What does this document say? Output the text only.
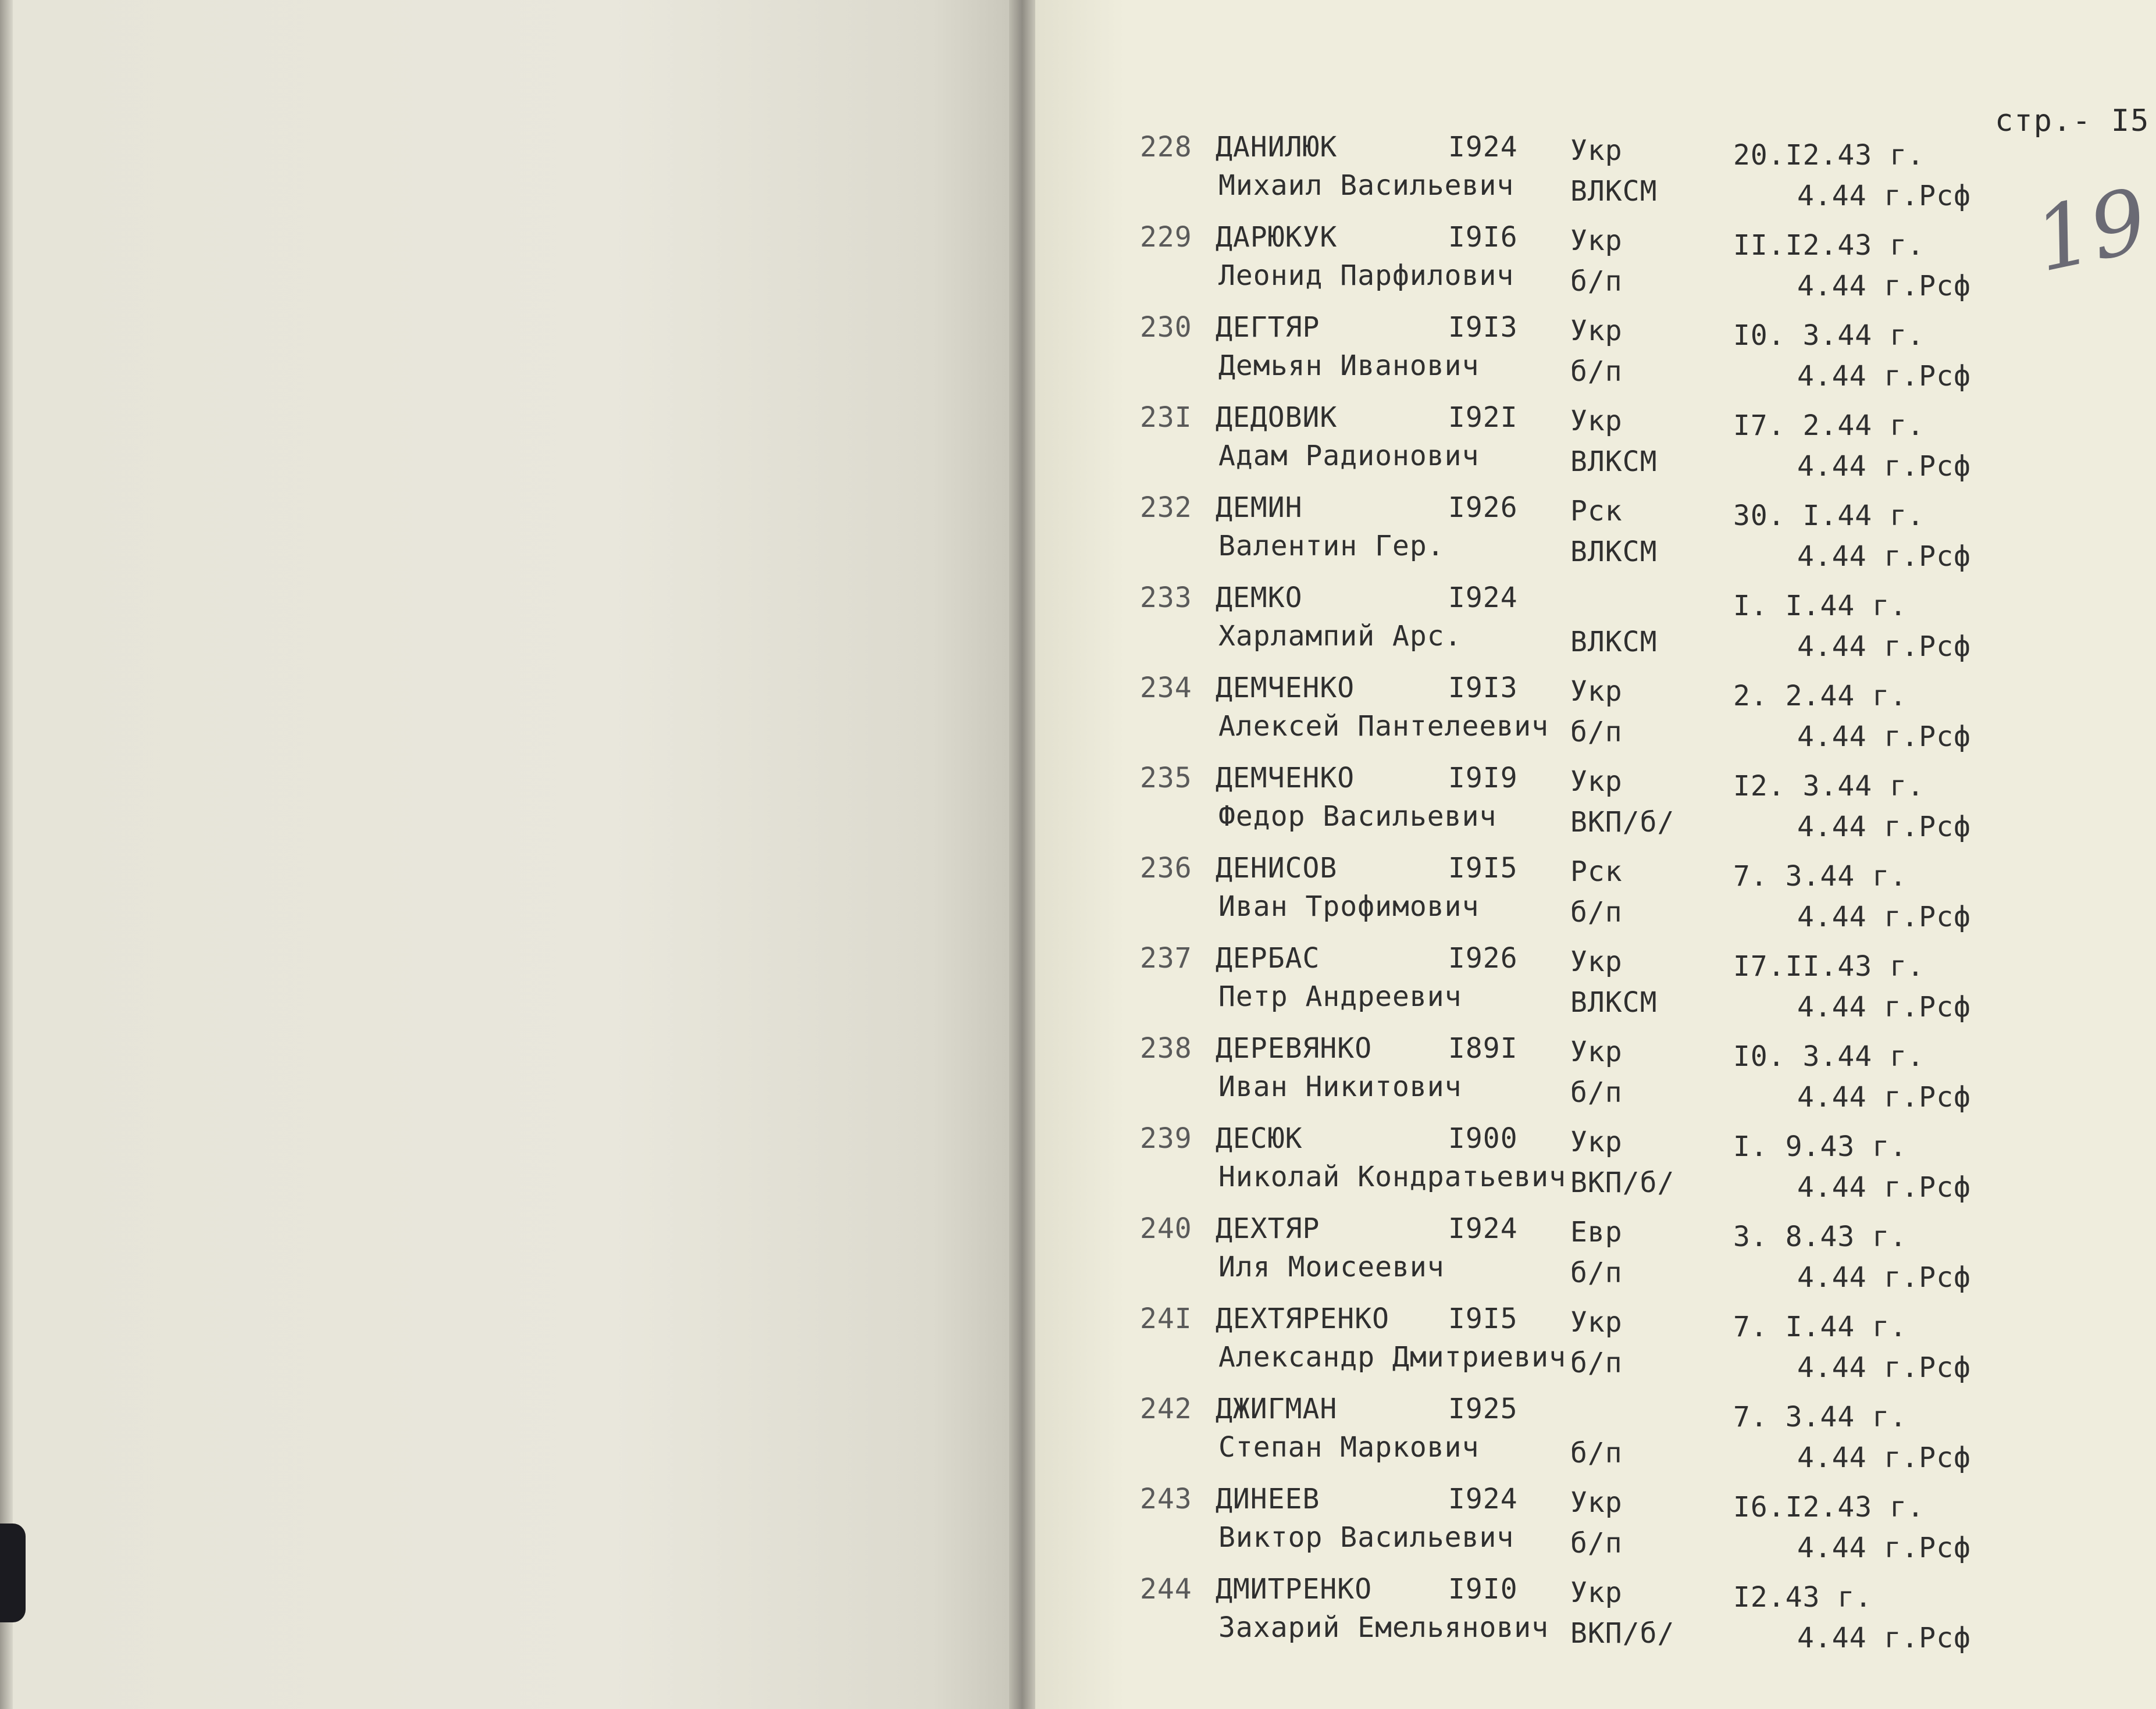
стр.- I5
19
228 ДАНИЛЮК	I924 Укр	20.I2.43 г.
Михаил Васильевич ВЛКСМ	4.44 г.Рсф
229 ДАРЮКУК	I9I6 Укр	II.I2.43 г.
Леонид Парфилович б/п	4.44 г.Рсф
230 ДЕГТЯР	I9I3 Укр	I0. 3.44 г.
Демьян Иванович	б/п	4.44 г.Рсф
23I ДЕДОВИК	I92I Укр	I7. 2.44 г.
Адам Радионович	ВЛКСМ	4.44 г.Рсф
232 ДЕМИН	I926 Рск	30. I.44 г.
Валентин Гер.	ВЛКСМ	4.44 г.Рсф
233 ДЕМКО	I924	I. I.44 г.
Харлампий Арс.	ВЛКСМ	4.44 г.Рсф
234 ДЕМЧЕНКО	I9I3 Укр	2. 2.44 г.
Алексей Пантелеевич б/п	4.44 г.Рсф
235 ДЕМЧЕНКО	I9I9 Укр	I2. 3.44 г.
Федор Васильевич	ВКП/б/	4.44 г.Рсф
236 ДЕНИСОВ	I9I5 Рск	7. 3.44 г.
Иван Трофимович	б/п	4.44 г.Рсф
237 ДЕРБАС	I926 Укр	I7.II.43 г.
Петр Андреевич	ВЛКСМ	4.44 г.Рсф
238 ДЕРЕВЯНКО	I89I Укр	I0. 3.44 г.
Иван Никитович	б/п	4.44 г.Рсф
239 ДЕСЮК	I900 Укр	I. 9.43 г.
Николай Кондратьевич ВКП/б/	4.44 г.Рсф
240 ДЕХТЯР	I924 Евр	3. 8.43 г.
Иля Моисеевич	б/п	4.44 г.Рсф
24I ДЕХТЯРЕНКО I9I5 Укр	7. I.44 г.
Александр Дмитриевич б/п	4.44 г.Рсф
242 ДЖИГМАН	I925	7. 3.44 г.
Степан Маркович	б/п	4.44 г.Рсф
243 ДИНЕЕВ	I924 Укр	I6.I2.43 г.
Виктор Васильевич б/п	4.44 г.Рсф
244 ДМИТРЕНКО	I9I0 Укр	I2.43 г.
Захарий Емельянович ВКП/б/	4.44 г.Рсф
